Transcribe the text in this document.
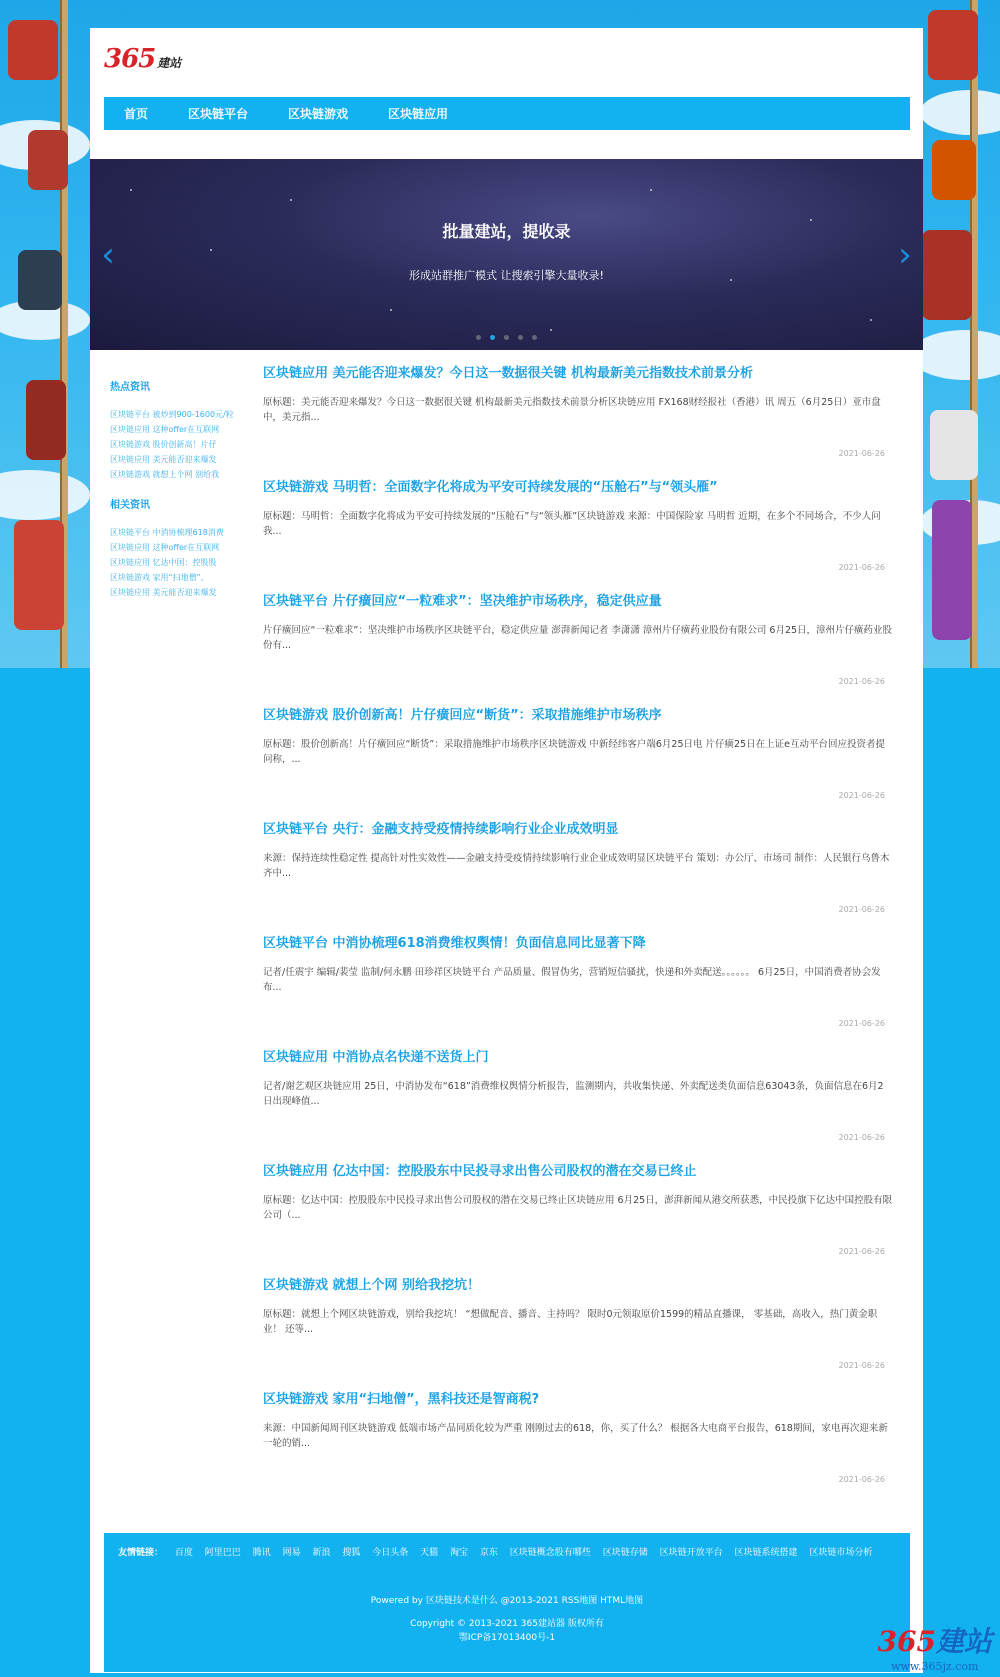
365 建站
首页	区块链平台	区块链游戏	区块链应用
批量建站，提收录

形成站群推广模式 让搜索引擎大量收录!

‹	›

热点资讯
区块链平台 被炒到900-1600元/粒
区块链应用 这种offer在互联网
区块链游戏 股价创新高！片仔
区块链应用 美元能否迎来爆发
区块链游戏 就想上个网 别给我
相关资讯
区块链平台 中消协梳理618消费
区块链应用 这种offer在互联网
区块链应用 亿达中国：控股股
区块链游戏 家用“扫地僧”,
区块链应用 美元能否迎来爆发
区块链应用 美元能否迎来爆发？今日这一数据很关键 机构最新美元指数技术前景分析
原标题：美元能否迎来爆发？今日这一数据很关键 机构最新美元指数技术前景分析区块链应用 FX168财经报社（香港）讯 周五（6月25日）亚市盘中，美元指...
2021-06-26
区块链游戏 马明哲：全面数字化将成为平安可持续发展的“压舱石”与“领头雁”
原标题：马明哲：全面数字化将成为平安可持续发展的“压舱石”与“领头雁”区块链游戏 来源：中国保险家 马明哲 近期，在多个不同场合，不少人问我...
2021-06-26
区块链平台 片仔癀回应“一粒难求”：坚决维护市场秩序，稳定供应量
片仔癀回应“一粒难求”：坚决维护市场秩序区块链平台，稳定供应量 澎湃新闻记者 李潇潇 漳州片仔癀药业股份有限公司 6月25日，漳州片仔癀药业股份有...
2021-06-26
区块链游戏 股价创新高！片仔癀回应“断货”：采取措施维护市场秩序
原标题：股价创新高！片仔癀回应“断货”：采取措施维护市场秩序区块链游戏 中新经纬客户端6月25日电 片仔癀25日在上证e互动平台回应投资者提问称，...
2021-06-26
区块链平台 央行：金融支持受疫情持续影响行业企业成效明显
来源：保持连续性稳定性 提高针对性实效性——金融支持受疫情持续影响行业企业成效明显区块链平台 策划：办公厅、市场司 制作：人民银行乌鲁木齐中...
2021-06-26
区块链平台 中消协梳理618消费维权舆情！负面信息同比显著下降
记者/任震宇 编辑/裴莹 监制/何永鹏 田珍祥区块链平台 产品质量、假冒伪劣，营销短信骚扰，快递和外卖配送。。。。。。 6月25日，中国消费者协会发布...
2021-06-26
区块链应用 中消协点名快递不送货上门
记者/谢艺观区块链应用 25日，中消协发布“618”消费维权舆情分析报告，监测期内，共收集快递、外卖配送类负面信息63043条，负面信息在6月2日出现峰值...
2021-06-26
区块链应用 亿达中国：控股股东中民投寻求出售公司股权的潜在交易已终止
原标题：亿达中国：控股股东中民投寻求出售公司股权的潜在交易已终止区块链应用 6月25日，澎湃新闻从港交所获悉，中民投旗下亿达中国控股有限公司（...
2021-06-26
区块链游戏 就想上个网 别给我挖坑！
原标题：就想上个网区块链游戏，别给我挖坑！ “想做配音、播音、主持吗？ 限时0元领取原价1599的精品直播课， 零基础，高收入，热门黄金职业！ 还等...
2021-06-26
区块链游戏 家用“扫地僧”，黑科技还是智商税?
来源：中国新闻周刊区块链游戏 低端市场产品同质化较为严重 刚刚过去的618，你，买了什么？ 根据各大电商平台报告，618期间，家电再次迎来新一轮的销...
2021-06-26
友情链接： 百度 阿里巴巴 腾讯 网易 新浪 搜狐 今日头条 天猫 淘宝 京东 区块链概念股有哪些 区块链存储 区块链开放平台 区块链系统搭建 区块链市场分析
Powered by 区块链技术是什么 @2013-2021 RSS地图 HTML地图
Copyright © 2013-2021 365建站器 版权所有
鄂ICP备17013400号-1	365建站
www.365jz.com
